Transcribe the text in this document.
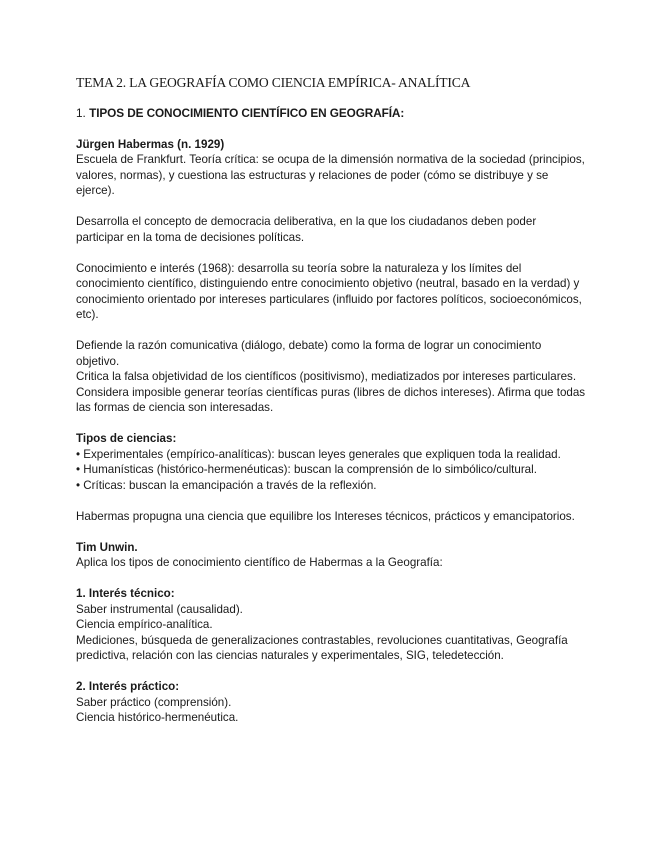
TEMA 2. LA GEOGRAFÍA COMO CIENCIA EMPÍRICA- ANALÍTICA
1. TIPOS DE CONOCIMIENTO CIENTÍFICO EN GEOGRAFÍA:

Jürgen Habermas (n. 1929)

Escuela de Frankfurt. Teoría crítica: se ocupa de la dimensión normativa de la sociedad (principios, valores, normas), y cuestiona las estructuras y relaciones de poder (cómo se distribuye y se ejerce).

Desarrolla el concepto de democracia deliberativa, en la que los ciudadanos deben poder participar en la toma de decisiones políticas.

Conocimiento e interés (1968): desarrolla su teoría sobre la naturaleza y los límites del conocimiento científico, distinguiendo entre conocimiento objetivo (neutral, basado en la verdad) y conocimiento orientado por intereses particulares (influido por factores políticos, socioeconómicos, etc).

Defiende la razón comunicativa (diálogo, debate) como la forma de lograr un conocimiento objetivo.

Critica la falsa objetividad de los científicos (positivismo), mediatizados por intereses particulares.

Considera imposible generar teorías científicas puras (libres de dichos intereses). Afirma que todas las formas de ciencia son interesadas.

Tipos de ciencias:

• Experimentales (empírico-analíticas): buscan leyes generales que expliquen toda la realidad.

• Humanísticas (histórico-hermenéuticas): buscan la comprensión de lo simbólico/cultural.

• Críticas: buscan la emancipación a través de la reflexión.

Habermas propugna una ciencia que equilibre los Intereses técnicos, prácticos y emancipatorios.

Tim Unwin.

Aplica los tipos de conocimiento científico de Habermas a la Geografía:

1. Interés técnico:

Saber instrumental (causalidad).

Ciencia empírico-analítica.

Mediciones, búsqueda de generalizaciones contrastables, revoluciones cuantitativas, Geografía predictiva, relación con las ciencias naturales y experimentales, SIG, teledetección.

2. Interés práctico:

Saber práctico (comprensión).

Ciencia histórico-hermenéutica.
